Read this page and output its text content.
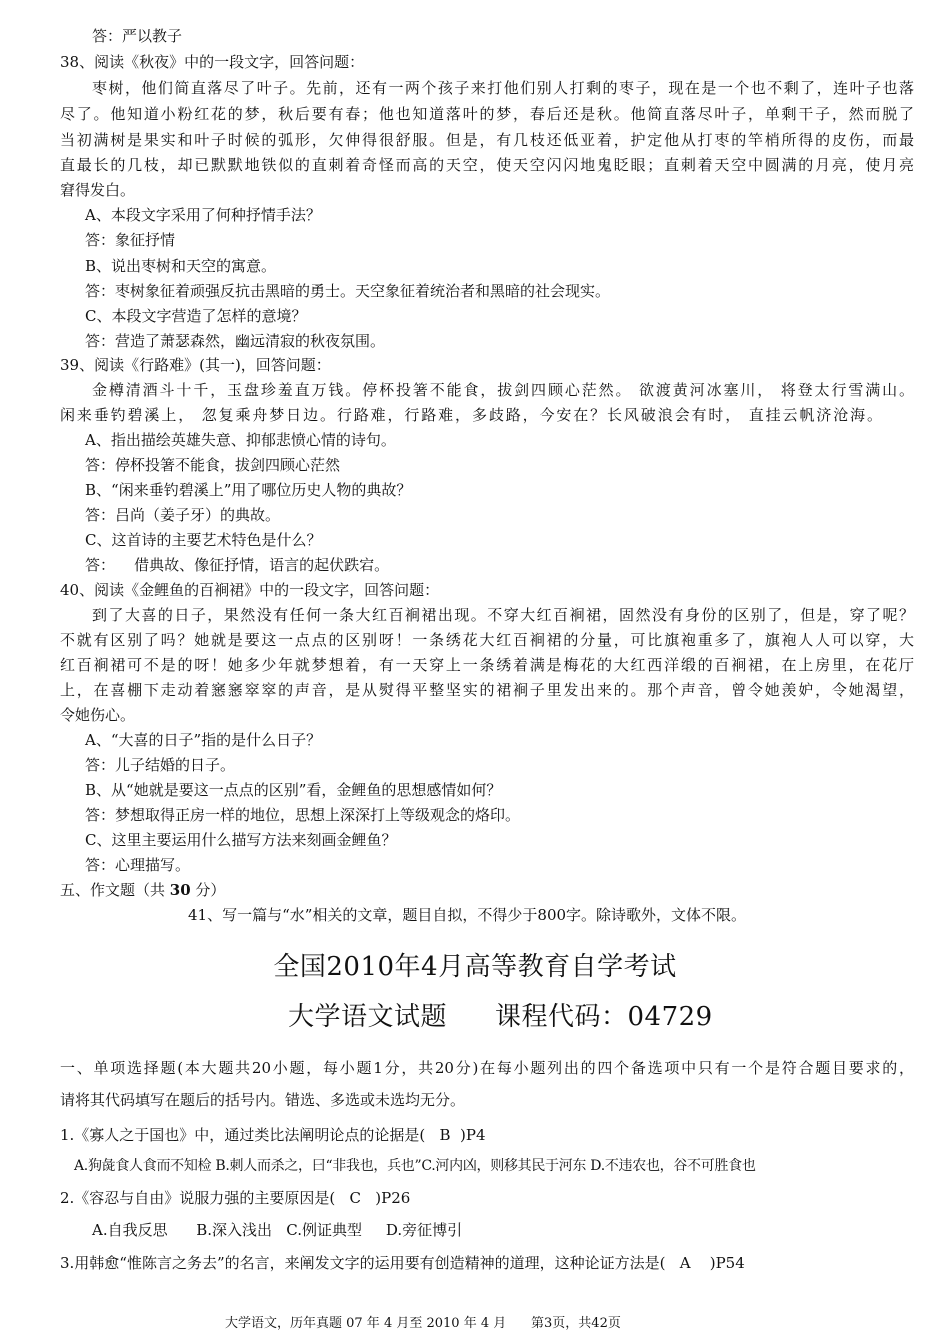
答：严以教子
38、阅读《秋夜》中的一段文字，回答问题：
枣树，他们简直落尽了叶子。先前，还有一两个孩子来打他们别人打剩的枣子，现在是一个也不剩了，连叶子也落
尽了。他知道小粉红花的梦，秋后要有春；他也知道落叶的梦，春后还是秋。他简直落尽叶子，单剩干子，然而脱了
当初满树是果实和叶子时候的弧形，欠伸得很舒服。但是，有几枝还低亚着，护定他从打枣的竿梢所得的皮伤，而最
直最长的几枝，却已默默地铁似的直刺着奇怪而高的天空，使天空闪闪地鬼眨眼；直刺着天空中圆满的月亮，使月亮
窘得发白。
A、本段文字采用了何种抒情手法？
答：象征抒情
B、说出枣树和天空的寓意。
答：枣树象征着顽强反抗击黑暗的勇士。天空象征着统治者和黑暗的社会现实。
C、本段文字营造了怎样的意境？
答：营造了萧瑟森然，幽远清寂的秋夜氛围。
39、阅读《行路难》(其一)，回答问题：
金樽清酒斗十千，玉盘珍羞直万钱。停杯投箸不能食，拔剑四顾心茫然。 欲渡黄河冰塞川， 将登太行雪满山。
闲来垂钓碧溪上， 忽复乘舟梦日边。行路难，行路难，多歧路，今安在？长风破浪会有时， 直挂云帆济沧海。
A、指出描绘英雄失意、抑郁悲愤心情的诗句。
答：停杯投箸不能食，拔剑四顾心茫然
B、“闲来垂钓碧溪上”用了哪位历史人物的典故？
答：吕尚（姜子牙）的典故。
C、这首诗的主要艺术特色是什么？
答：    借典故、像征抒情，语言的起伏跌宕。
40、阅读《金鲤鱼的百裥裙》中的一段文字，回答问题：
到了大喜的日子，果然没有任何一条大红百裥裙出现。不穿大红百裥裙，固然没有身份的区别了，但是，穿了呢？
不就有区别了吗？她就是要这一点点的区别呀！一条绣花大红百裥裙的分量，可比旗袍重多了，旗袍人人可以穿，大
红百裥裙可不是的呀！她多少年就梦想着，有一天穿上一条绣着满是梅花的大红西洋缎的百裥裙，在上房里，在花厅
上，在喜棚下走动着窸窸窣窣的声音，是从熨得平整坚实的裙裥子里发出来的。那个声音，曾令她羡妒，令她渴望，
令她伤心。
A、“大喜的日子”指的是什么日子？
答：儿子结婚的日子。
B、从“她就是要这一点点的区别”看，金鲤鱼的思想感情如何？
答：梦想取得正房一样的地位，思想上深深打上等级观念的烙印。
C、这里主要运用什么描写方法来刻画金鲤鱼？
答：心理描写。
五、作文题（共 30 分）
41、写一篇与“水”相关的文章，题目自拟，不得少于800字。除诗歌外，文体不限。
全国2010年4月高等教育自学考试
大学语文试题 课程代码：04729
一、单项选择题(本大题共20小题，每小题1分，共20分)在每小题列出的四个备选项中只有一个是符合题目要求的，
请将其代码填写在题后的括号内。错选、多选或未选均无分。
1.《寡人之于国也》中，通过类比法阐明论点的论据是(   B  )P4
A.狗彘食人食而不知检 B.刺人而杀之，曰“非我也，兵也”C.河内凶，则移其民于河东 D.不违农也，谷不可胜食也
2.《容忍与自由》说服力强的主要原因是(   C   )P26
A.自我反思      B.深入浅出   C.例证典型     D.旁征博引
3.用韩愈“惟陈言之务去”的名言，来阐发文字的运用要有创造精神的道理，这种论证方法是(   A    )P54
大学语文，历年真题 07 年 4 月至 2010 年 4 月      第3页，共42页
